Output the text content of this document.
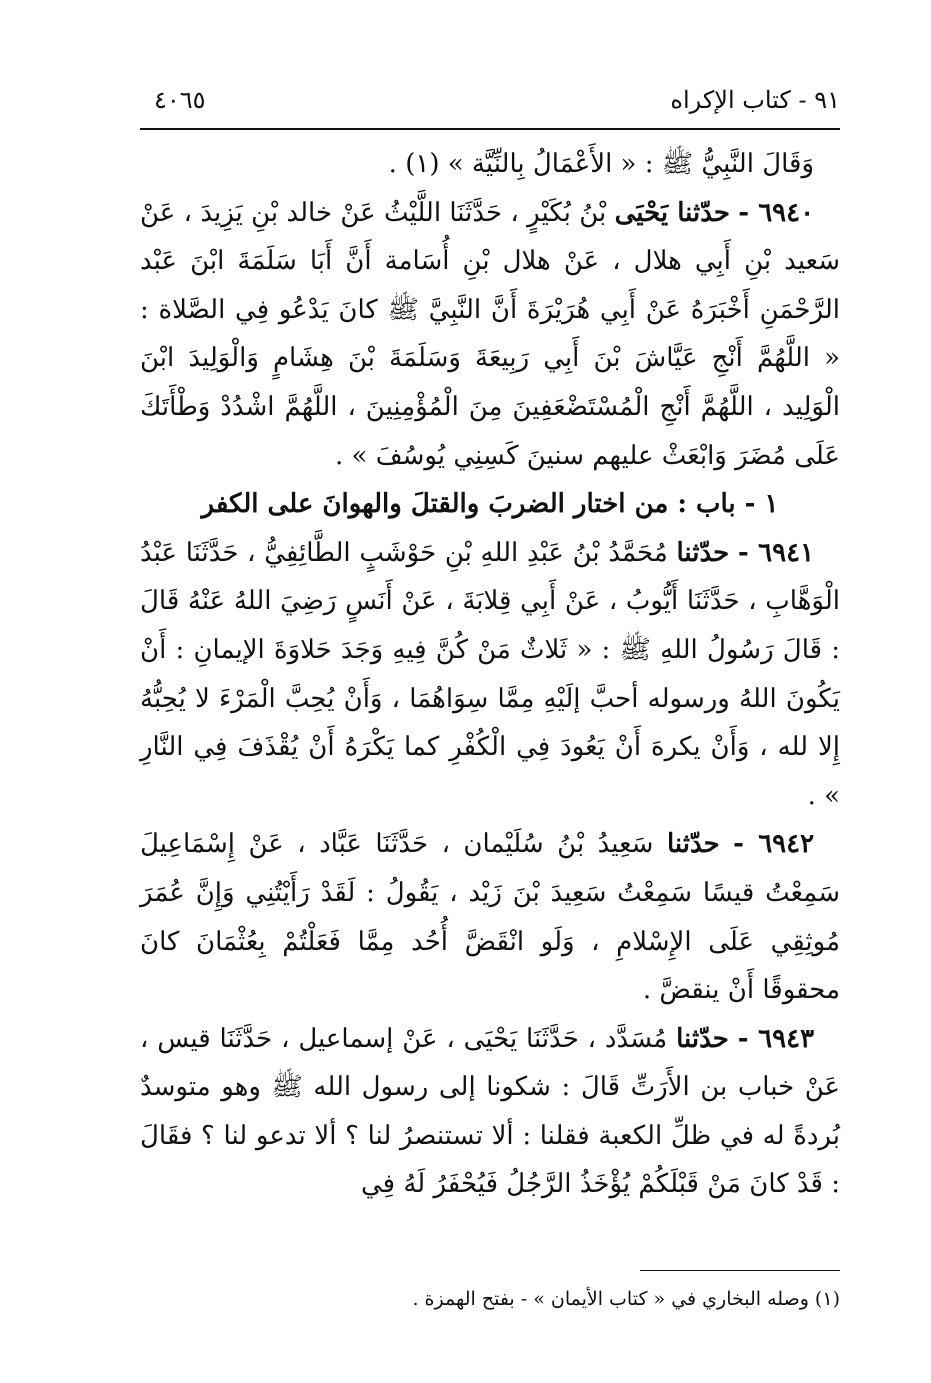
٩١ - كتاب الإكراه
٤٠٦٥

وَقَالَ النَّبِيُّ ﷺ : « الأَعْمَالُ بِالنِّيَّة » (١) .

٦٩٤٠ - حدّثنا يَحْيَى بْنُ بُكَيْرٍ ، حَدَّثَنَا اللَّيْثُ عَنْ خالد بْنِ يَزِيدَ ، عَنْ سَعيد بْنِ أَبِي هلال ، عَنْ هلال بْنِ أُسَامة أَنَّ أَبَا سَلَمَةَ ابْنَ عَبْد الرَّحْمَنِ أَخْبَرَهُ عَنْ أَبِي هُرَيْرَةَ أَنَّ النَّبِيَّ ﷺ كانَ يَدْعُو فِي الصَّلاة : « اللَّهُمَّ أَنْجِ عَيَّاشَ بْنَ أَبِي رَبِيعَةَ وَسَلَمَةَ بْنَ هِشَامٍ وَالْوَلِيدَ ابْنَ الْوَلِيد ، اللَّهُمَّ أَنْجِ الْمُسْتَضْعَفِينَ مِنَ الْمُؤْمِنِينَ ، اللَّهُمَّ اشْدُدْ وَطْأَتَكَ عَلَى مُضَرَ وَابْعَثْ عليهم سنينَ كَسِنِي يُوسُفَ » .

١ - باب : من اختار الضربَ والقتلَ والهوانَ على الكفر

٦٩٤١ - حدّثنا مُحَمَّدُ بْنُ عَبْدِ اللهِ بْنِ حَوْشَبٍ الطَّائِفِيُّ ، حَدَّثَنَا عَبْدُ الْوَهَّابِ ، حَدَّثَنَا أَيُّوبُ ، عَنْ أَبِي قِلابَةَ ، عَنْ أَنَسٍ رَضِيَ اللهُ عَنْهُ قَالَ : قَالَ رَسُولُ اللهِ ﷺ : « ثَلاثٌ مَنْ كُنَّ فِيهِ وَجَدَ حَلاوَةَ الإيمانِ : أَنْ يَكُونَ اللهُ ورسوله أحبَّ إلَيْهِ مِمَّا سِوَاهُمَا ، وَأَنْ يُحِبَّ الْمَرْءَ لا يُحِبُّهُ إِلا لله ، وَأَنْ يكرهَ أَنْ يَعُودَ فِي الْكُفْرِ كما يَكْرَهُ أَنْ يُقْذَفَ فِي النَّارِ » .

٦٩٤٢ - حدّثنا سَعِيدُ بْنُ سُلَيْمان ، حَدَّثَنَا عَبَّاد ، عَنْ إِسْمَاعِيلَ سَمِعْتُ قيسًا سَمِعْتُ سَعِيدَ بْنَ زَيْد ، يَقُولُ : لَقَدْ رَأَيْتُنِي وَإِنَّ عُمَرَ مُوثِقِي عَلَى الإِسْلامِ ، وَلَو انْقَضَّ أُحُد مِمَّا فَعَلْتُمْ بِعُثْمَانَ كانَ محقوقًا أَنْ ينقضَّ .

٦٩٤٣ - حدّثنا مُسَدَّد ، حَدَّثَنَا يَحْيَى ، عَنْ إسماعيل ، حَدَّثَنَا قيس ، عَنْ خباب بن الأَرَتِّ قَالَ : شكونا إلى رسول الله ﷺ وهو متوسدٌ بُردةً له في ظلِّ الكعبة فقلنا : ألا تستنصرُ لنا ؟ ألا تدعو لنا ؟ فقَالَ : قَدْ كانَ مَنْ قَبْلَكُمْ يُؤْخَذُ الرَّجُلُ فَيُحْفَرُ لَهُ فِي

(١) وصله البخاري في « كتاب الأيمان » - بفتح الهمزة .
